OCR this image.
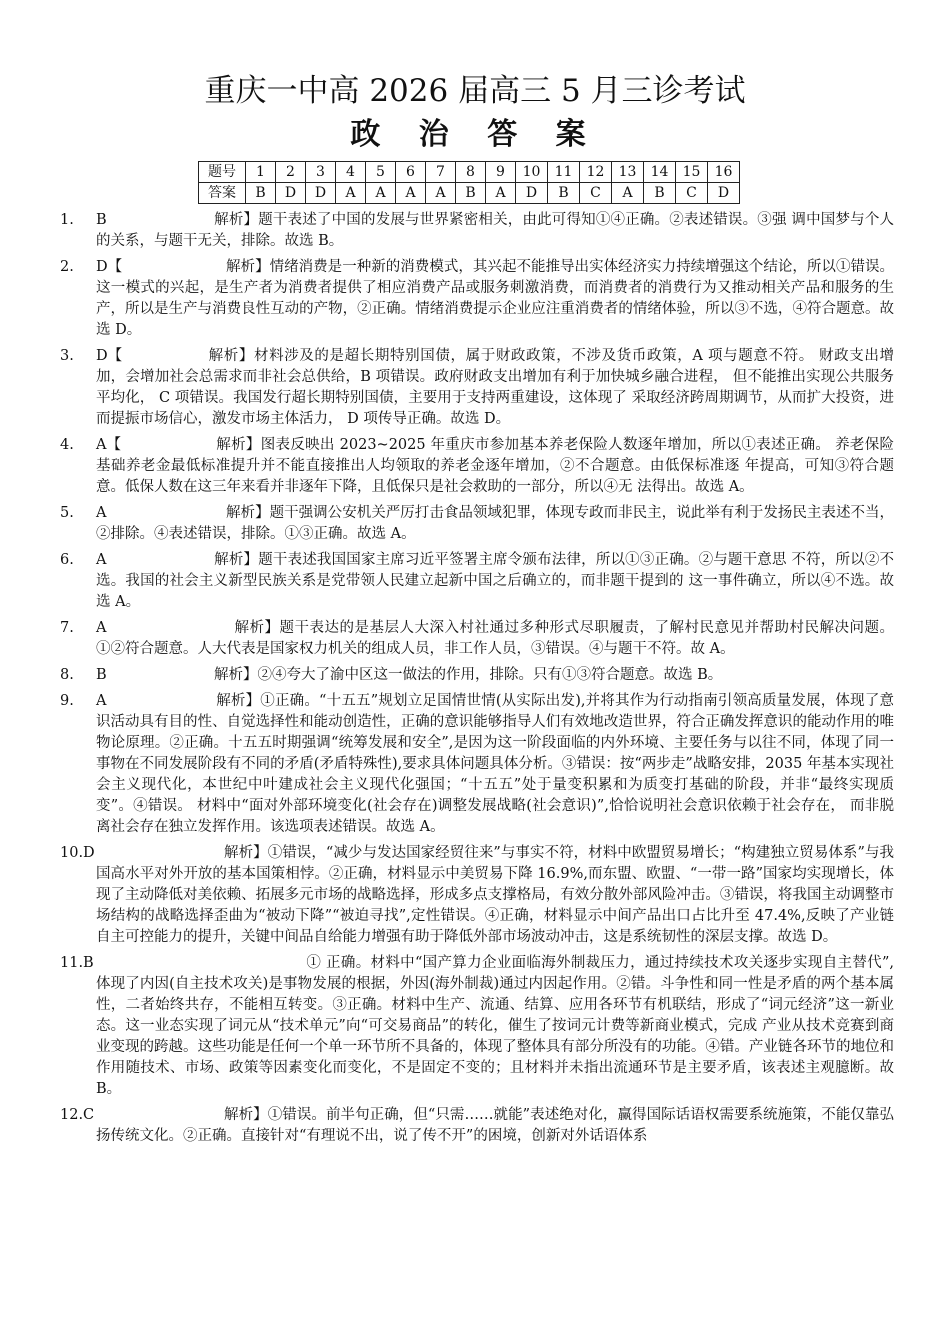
重庆一中高 2026 届高三 5 月三诊考试
政 治 答 案
题号	1	2	3	4	5	6	7	8	9	10	11	12	13	14	15	16
答案	B	D	D	A	A	A	A	B	A	D	B	C	A	B	C	D
1.	B	解析】题干表述了中国的发展与世界紧密相关，由此可得知①④正确。②表述错误。③强 调中国梦与个人的关系，与题干无关，排除。故选 B。
2.	D【	解析】情绪消费是一种新的消费模式，其兴起不能推导出实体经济实力持续增强这个结论，所以①错误。这一模式的兴起，是生产者为消费者提供了相应消费产品或服务刺激消费，而消费者的消费行为又推动相关产品和服务的生产，所以是生产与消费良性互动的产物，②正确。情绪消费提示企业应注重消费者的情绪体验，所以③不选，④符合题意。故选 D。
3.	D【	解析】材料涉及的是超长期特别国债，属于财政政策，不涉及货币政策，A 项与题意不符。 财政支出增加，会增加社会总需求而非社会总供给，B 项错误。政府财政支出增加有利于加快城乡融合进程， 但不能推出实现公共服务平均化， C 项错误。我国发行超长期特别国债，主要用于支持两重建设，这体现了 采取经济跨周期调节，从而扩大投资，进而提振市场信心，激发市场主体活力， D 项传导正确。故选 D。
4.	A【	解析】图表反映出 2023~2025 年重庆市参加基本养老保险人数逐年增加，所以①表述正确。 养老保险基础养老金最低标准提升并不能直接推出人均领取的养老金逐年增加，②不合题意。由低保标准逐 年提高，可知③符合题意。低保人数在这三年来看并非逐年下降，且低保只是社会救助的一部分，所以④无 法得出。故选 A。
5.	A	解析】题干强调公安机关严厉打击食品领域犯罪，体现专政而非民主，说此举有利于发扬民主表述不当，②排除。④表述错误，排除。①③正确。故选 A。
6.	A	解析】题干表述我国国家主席习近平签署主席令颁布法律，所以①③正确。②与题干意思 不符，所以②不选。我国的社会主义新型民族关系是党带领人民建立起新中国之后确立的，而非题干提到的 这一事件确立，所以④不选。故选 A。
7.	A	解析】题干表达的是基层人大深入村社通过多种形式尽职履责，了解村民意见并帮助村民解决问题。①②符合题意。人大代表是国家权力机关的组成人员，非工作人员，③错误。④与题干不符。故 A。
8.	B	解析】②④夸大了渝中区这一做法的作用，排除。只有①③符合题意。故选 B。
9.	A	解析】①正确。“十五五”规划立足国情世情(从实际出发),并将其作为行动指南引领高质量发展，体现了意识活动具有目的性、自觉选择性和能动创造性，正确的意识能够指导人们有效地改造世界，符合正确发挥意识的能动作用的唯物论原理。②正确。十五五时期强调“统筹发展和安全”,是因为这一阶段面临的内外环境、主要任务与以往不同，体现了同一事物在不同发展阶段有不同的矛盾(矛盾特殊性),要求具体问题具体分析。③错误：按“两步走”战略安排，2035 年基本实现社会主义现代化，本世纪中叶建成社会主义现代化强国；“十五五”处于量变积累和为质变打基础的阶段，并非“最终实现质变”。④错误。 材料中“面对外部环境变化(社会存在)调整发展战略(社会意识)”,恰恰说明社会意识依赖于社会存在， 而非脱离社会存在独立发挥作用。该选项表述错误。故选 A。
10.D	解析】①错误，“减少与发达国家经贸往来”与事实不符，材料中欧盟贸易增长；“构建独立贸易体系”与我国高水平对外开放的基本国策相悖。②正确，材料显示中美贸易下降 16.9%,而东盟、欧盟、“一带一路”国家均实现增长，体现了主动降低对美依赖、拓展多元市场的战略选择，形成多点支撑格局，有效分散外部风险冲击。③错误，将我国主动调整市场结构的战略选择歪曲为“被动下降”“被迫寻找”,定性错误。④正确，材料显示中间产品出口占比升至 47.4%,反映了产业链自主可控能力的提升，关键中间品自给能力增强有助于降低外部市场波动冲击，这是系统韧性的深层支撑。故选 D。
11.B	① 正确。材料中“国产算力企业面临海外制裁压力，通过持续技术攻关逐步实现自主替代”,体现了内因(自主技术攻关)是事物发展的根据，外因(海外制裁)通过内因起作用。②错。斗争性和同一性是矛盾的两个基本属性，二者始终共存，不能相互转变。③正确。材料中生产、流通、结算、应用各环节有机联结，形成了“词元经济”这一新业态。这一业态实现了词元从“技术单元”向“可交易商品”的转化，催生了按词元计费等新商业模式，完成 产业从技术竞赛到商业变现的跨越。这些功能是任何一个单一环节所不具备的，体现了整体具有部分所没有的功能。④错。产业链各环节的地位和作用随技术、市场、政策等因素变化而变化，不是固定不变的；且材料并未指出流通环节是主要矛盾，该表述主观臆断。故 B。
12.C	解析】①错误。前半句正确，但“只需……就能”表述绝对化，赢得国际话语权需要系统施策，不能仅靠弘扬传统文化。②正确。直接针对“有理说不出，说了传不开”的困境，创新对外话语体系
